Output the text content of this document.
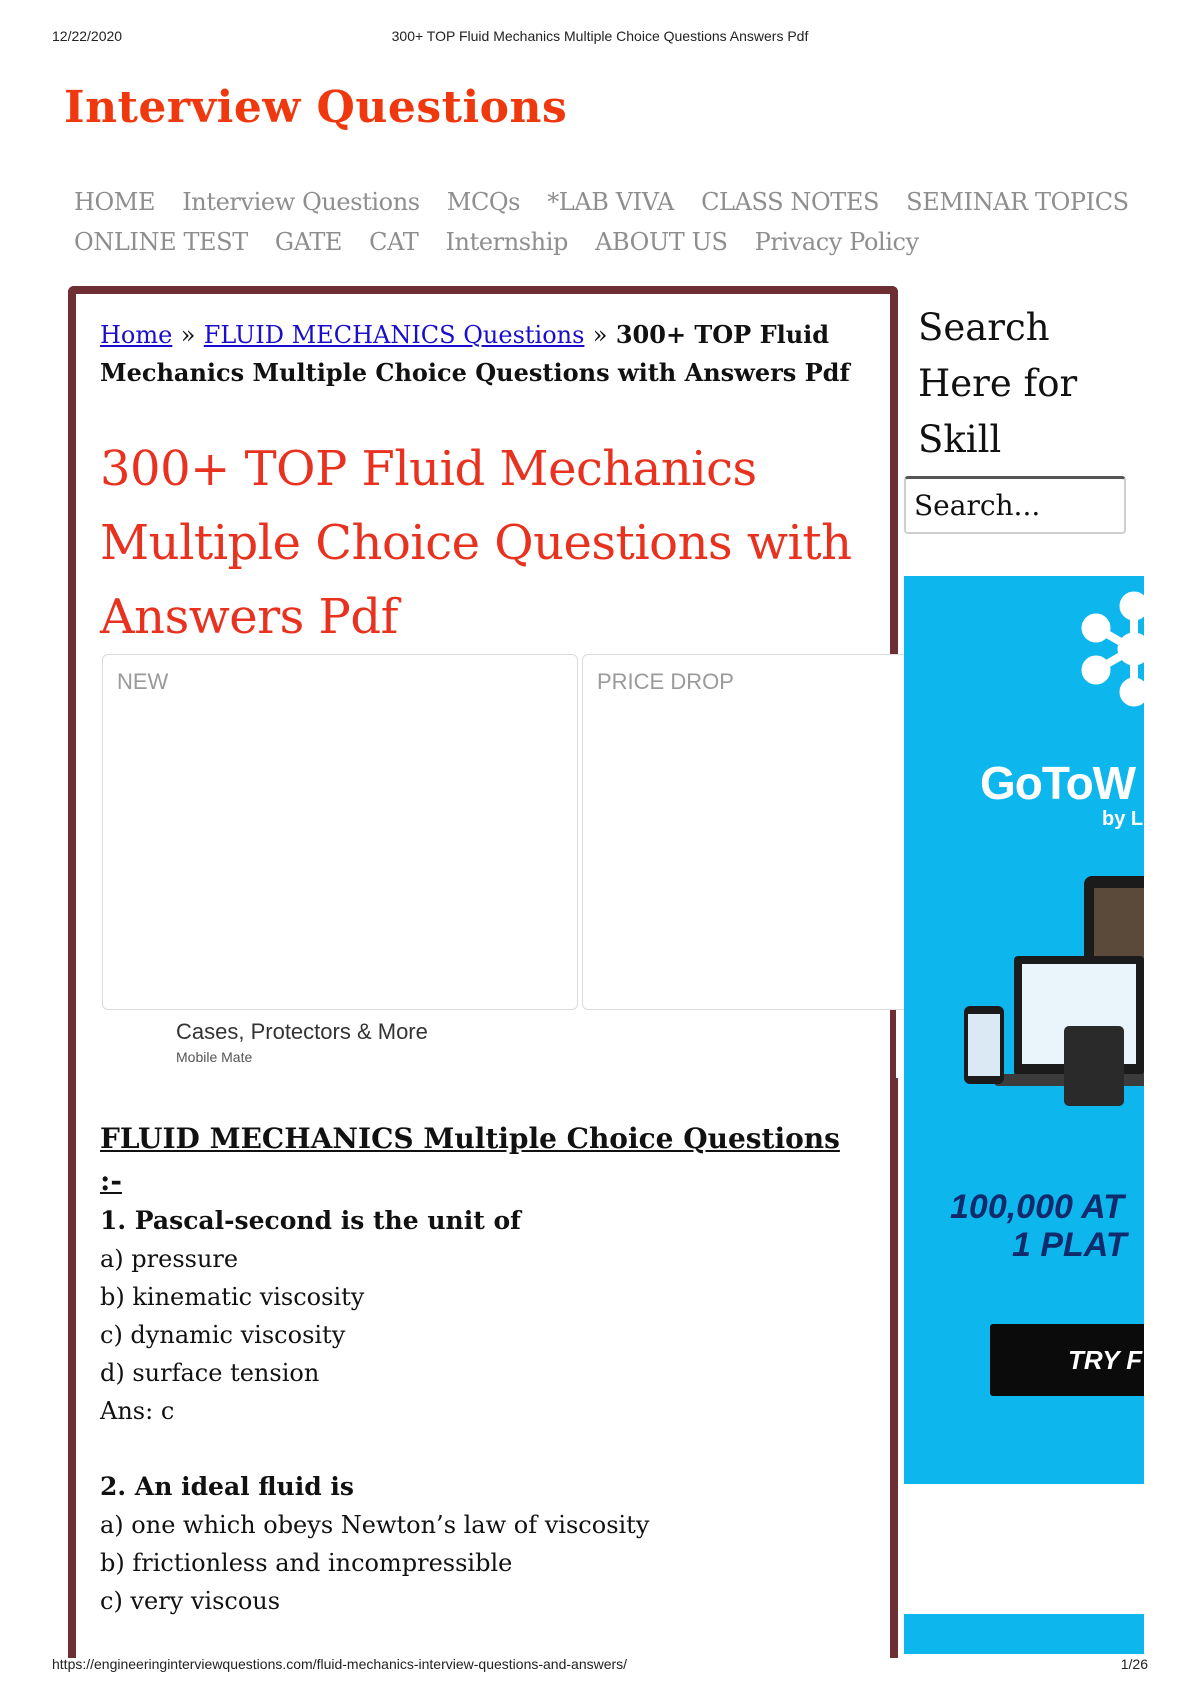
12/22/2020	300+ TOP Fluid Mechanics Multiple Choice Questions Answers Pdf
Interview Questions
HOME Interview Questions MCQs *LAB VIVA CLASS NOTES SEMINAR TOPICS
ONLINE TEST GATE CAT Internship ABOUT US Privacy Policy
Home » FLUID MECHANICS Questions » 300+ TOP Fluid Mechanics Multiple Choice Questions with Answers Pdf
300+ TOP Fluid Mechanics Multiple Choice Questions with Answers Pdf
NEW	PRICE DROP
Cases, Protectors & More
Mobile Mate
FLUID MECHANICS Multiple Choice Questions
:-
1. Pascal-second is the unit of
a) pressure
b) kinematic viscosity
c) dynamic viscosity
d) surface tension
Ans: c
2. An ideal fluid is
a) one which obeys Newton’s law of viscosity
b) frictionless and incompressible
c) very viscous
Search
Here for
Skill
Search...
GoToW
by L
100,000 AT
1 PLAT
TRY F
https://engineeringinterviewquestions.com/fluid-mechanics-interview-questions-and-answers/	1/26
